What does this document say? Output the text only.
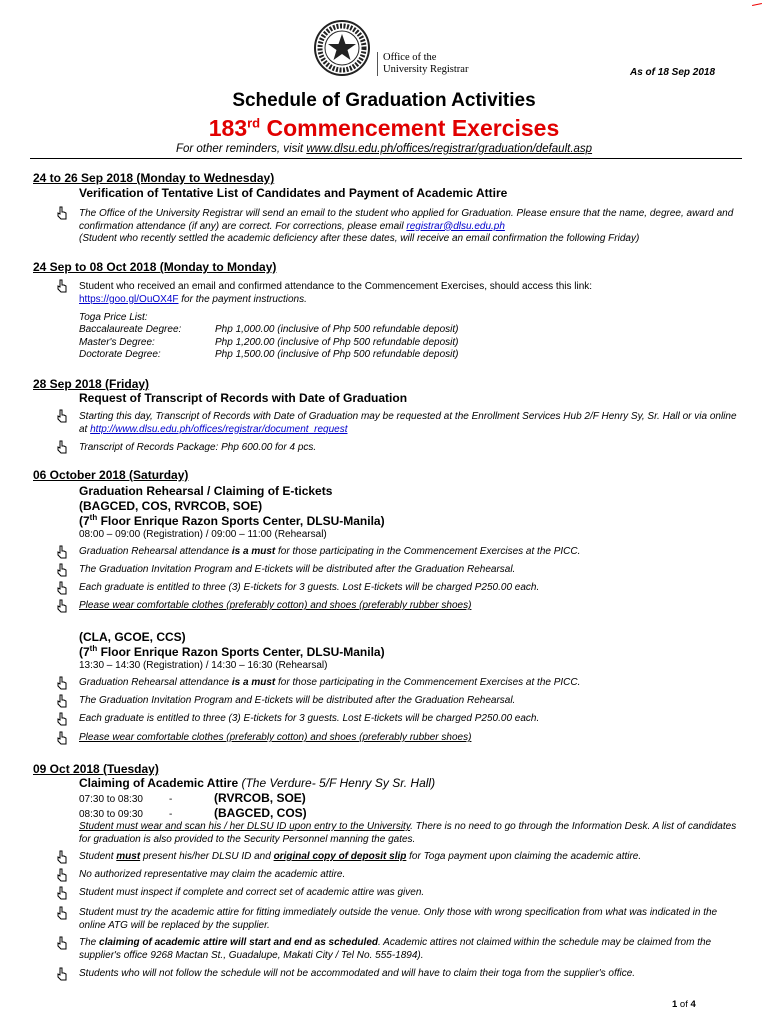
Office of the
University Registrar	As of 18 Sep 2018
Schedule of Graduation Activities
183rd Commencement Exercises
For other reminders, visit www.dlsu.edu.ph/offices/registrar/graduation/default.asp
24 to 26 Sep 2018 (Monday to Wednesday)
Verification of Tentative List of Candidates and Payment of Academic Attire
The Office of the University Registrar will send an email to the student who applied for Graduation. Please ensure that the name, degree, award and confirmation attendance (if any) are correct. For corrections, please email registrar@dlsu.edu.ph
(Student who recently settled the academic deficiency after these dates, will receive an email confirmation the following Friday)
24 Sep to 08 Oct 2018 (Monday to Monday)
Student who received an email and confirmed attendance to the Commencement Exercises, should access this link:
https://goo.gl/OuOX4F for the payment instructions.
Toga Price List:
Baccalaureate Degree:	Php 1,000.00 (inclusive of Php 500 refundable deposit)
Master's Degree:	Php 1,200.00 (inclusive of Php 500 refundable deposit)
Doctorate Degree:	Php 1,500.00 (inclusive of Php 500 refundable deposit)
28 Sep 2018 (Friday)
Request of Transcript of Records with Date of Graduation
Starting this day, Transcript of Records with Date of Graduation may be requested at the Enrollment Services Hub 2/F Henry Sy, Sr. Hall or via online at http://www.dlsu.edu.ph/offices/registrar/document_request
Transcript of Records Package: Php 600.00 for 4 pcs.
06 October 2018 (Saturday)
Graduation Rehearsal / Claiming of E-tickets
(BAGCED, COS, RVRCOB, SOE)
(7th Floor Enrique Razon Sports Center, DLSU-Manila)
08:00 – 09:00 (Registration) / 09:00 – 11:00 (Rehearsal)
Graduation Rehearsal attendance is a must for those participating in the Commencement Exercises at the PICC.
The Graduation Invitation Program and E-tickets will be distributed after the Graduation Rehearsal.
Each graduate is entitled to three (3) E-tickets for 3 guests. Lost E-tickets will be charged P250.00 each.
Please wear comfortable clothes (preferably cotton) and shoes (preferably rubber shoes)
(CLA, GCOE, CCS)
(7th Floor Enrique Razon Sports Center, DLSU-Manila)
13:30 – 14:30 (Registration) / 14:30 – 16:30 (Rehearsal)
Graduation Rehearsal attendance is a must for those participating in the Commencement Exercises at the PICC.
The Graduation Invitation Program and E-tickets will be distributed after the Graduation Rehearsal.
Each graduate is entitled to three (3) E-tickets for 3 guests. Lost E-tickets will be charged P250.00 each.
Please wear comfortable clothes (preferably cotton) and shoes (preferably rubber shoes)
09 Oct 2018 (Tuesday)
Claiming of Academic Attire (The Verdure- 5/F Henry Sy Sr. Hall)
07:30 to 08:30	-	(RVRCOB, SOE)
08:30 to 09:30	-	(BAGCED, COS)
Student must wear and scan his / her DLSU ID upon entry to the University. There is no need to go through the Information Desk. A list of candidates for graduation is also provided to the Security Personnel manning the gates.
Student must present his/her DLSU ID and original copy of deposit slip for Toga payment upon claiming the academic attire.
No authorized representative may claim the academic attire.
Student must inspect if complete and correct set of academic attire was given.
Student must try the academic attire for fitting immediately outside the venue. Only those with wrong specification from what was indicated in the online ATG will be replaced by the supplier.
The claiming of academic attire will start and end as scheduled. Academic attires not claimed within the schedule may be claimed from the supplier's office 9268 Mactan St., Guadalupe, Makati City / Tel No. 555-1894).
Students who will not follow the schedule will not be accommodated and will have to claim their toga from the supplier's office.
1 of 4
